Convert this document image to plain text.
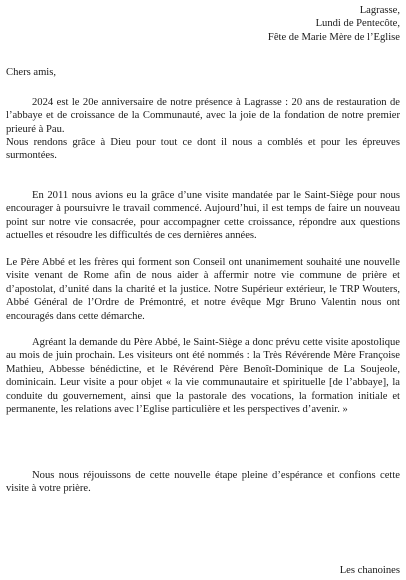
Lagrasse,
Lundi de Pentecôte,
Fête de Marie Mère de l’Eglise
Chers amis,

2024 est le 20e anniversaire de notre présence à Lagrasse : 20 ans de restauration de l’abbaye et de croissance de la Communauté, avec la joie de la fondation de notre premier prieuré à Pau.

Nous rendons grâce à Dieu pour tout ce dont il nous a comblés et pour les épreuves surmontées.

En 2011 nous avions eu la grâce d’une visite mandatée par le Saint-Siège pour nous encourager à poursuivre le travail commencé. Aujourd’hui, il est temps de faire un nouveau point sur notre vie consacrée, pour accompagner cette croissance, répondre aux questions actuelles et résoudre les difficultés de ces dernières années.

Le Père Abbé et les frères qui forment son Conseil ont unanimement souhaité une nouvelle visite venant de Rome afin de nous aider à affermir notre vie commune de prière et d’apostolat, d’unité dans la charité et la justice. Notre Supérieur extérieur, le TRP Wouters, Abbé Général de l’Ordre de Prémontré, et notre évêque Mgr Bruno Valentin nous ont encouragés dans cette démarche.

Agréant la demande du Père Abbé, le Saint-Siège a donc prévu cette visite apostolique au mois de juin prochain. Les visiteurs ont été nommés : la Très Révérende Mère Françoise Mathieu, Abbesse bénédictine, et le Révérend Père Benoît-Dominique de La Soujeole, dominicain. Leur visite a pour objet « la vie communautaire et spirituelle [de l’abbaye], la conduite du gouvernement, ainsi que la pastorale des vocations, la formation initiale et permanente, les relations avec l’Eglise particulière et les perspectives d’avenir. »

Nous nous réjouissons de cette nouvelle étape pleine d’espérance et confions cette visite à votre prière.

Les chanoines
